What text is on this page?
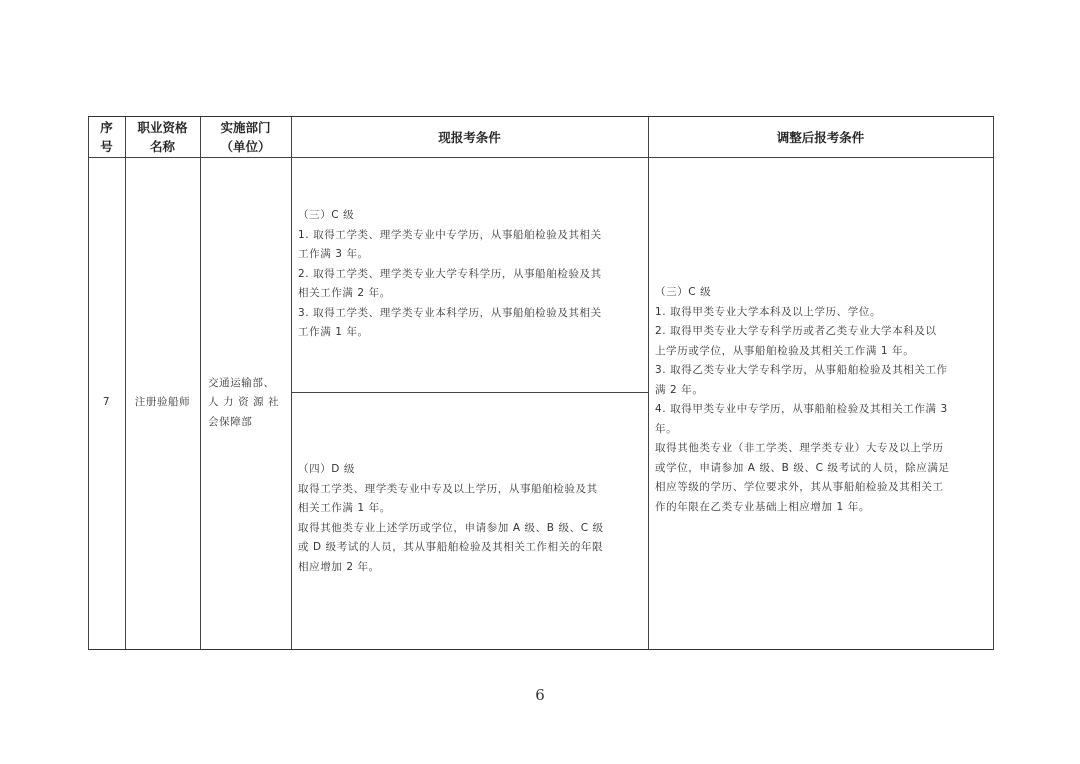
序
号
职业资格
名称
实施部门
（单位）
现报考条件	调整后报考条件
7 注册验船师
交通运输部、
人 力 资 源 社
会保障部

（三）C 级

1. 取得工学类、理学类专业中专学历，从事船舶检验及其相关
工作满 3 年。

2. 取得工学类、理学类专业大学专科学历，从事船舶检验及其
相关工作满 2 年。

3. 取得工学类、理学类专业本科学历，从事船舶检验及其相关
工作满 1 年。

（四）D 级

取得工学类、理学类专业中专及以上学历，从事船舶检验及其
相关工作满 1 年。

取得其他类专业上述学历或学位，申请参加 A 级、B 级、C 级
或 D 级考试的人员，其从事船舶检验及其相关工作相关的年限
相应增加 2 年。

（三）C 级

1. 取得甲类专业大学本科及以上学历、学位。

2. 取得甲类专业大学专科学历或者乙类专业大学本科及以
上学历或学位，从事船舶检验及其相关工作满 1 年。

3. 取得乙类专业大学专科学历，从事船舶检验及其相关工作
满 2 年。

4. 取得甲类专业中专学历，从事船舶检验及其相关工作满 3
年。

取得其他类专业（非工学类、理学类专业）大专及以上学历
或学位，申请参加 A 级、B 级、C 级考试的人员，除应满足
相应等级的学历、学位要求外，其从事船舶检验及其相关工
作的年限在乙类专业基础上相应增加 1 年。

6
